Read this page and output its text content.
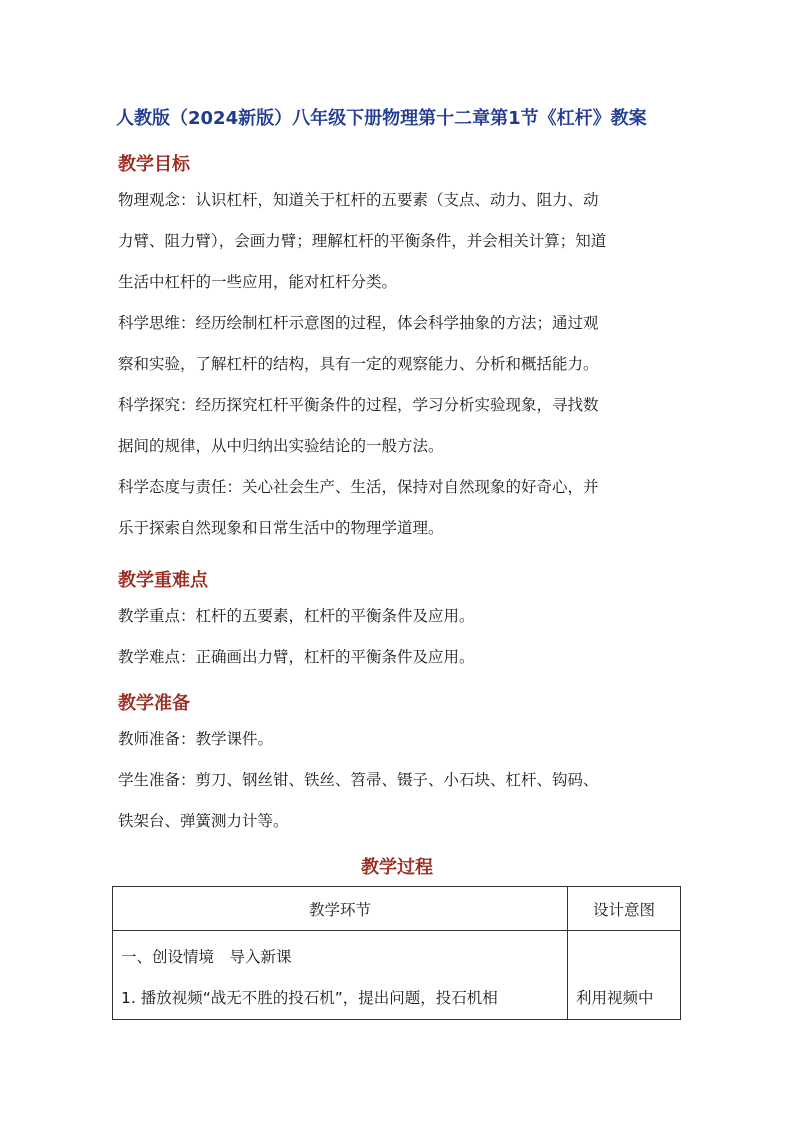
人教版（2024新版）八年级下册物理第十二章第1节《杠杆》教案
教学目标
物理观念：认识杠杆，知道关于杠杆的五要素（支点、动力、阻力、动
力臂、阻力臂），会画力臂；理解杠杆的平衡条件，并会相关计算；知道
生活中杠杆的一些应用，能对杠杆分类。
科学思维：经历绘制杠杆示意图的过程，体会科学抽象的方法；通过观
察和实验，了解杠杆的结构，具有一定的观察能力、分析和概括能力。
科学探究：经历探究杠杆平衡条件的过程，学习分析实验现象，寻找数
据间的规律，从中归纳出实验结论的一般方法。
科学态度与责任：关心社会生产、生活，保持对自然现象的好奇心，并
乐于探索自然现象和日常生活中的物理学道理。
教学重难点
教学重点：杠杆的五要素，杠杆的平衡条件及应用。
教学难点：正确画出力臂，杠杆的平衡条件及应用。
教学准备
教师准备：教学课件。
学生准备：剪刀、钢丝钳、铁丝、笤帚、镊子、小石块、杠杆、钩码、
铁架台、弹簧测力计等。
教学过程
教学环节	设计意图

一、创设情境　导入新课
1. 播放视频“战无不胜的投石机”，提出问题，投石机相	利用视频中
